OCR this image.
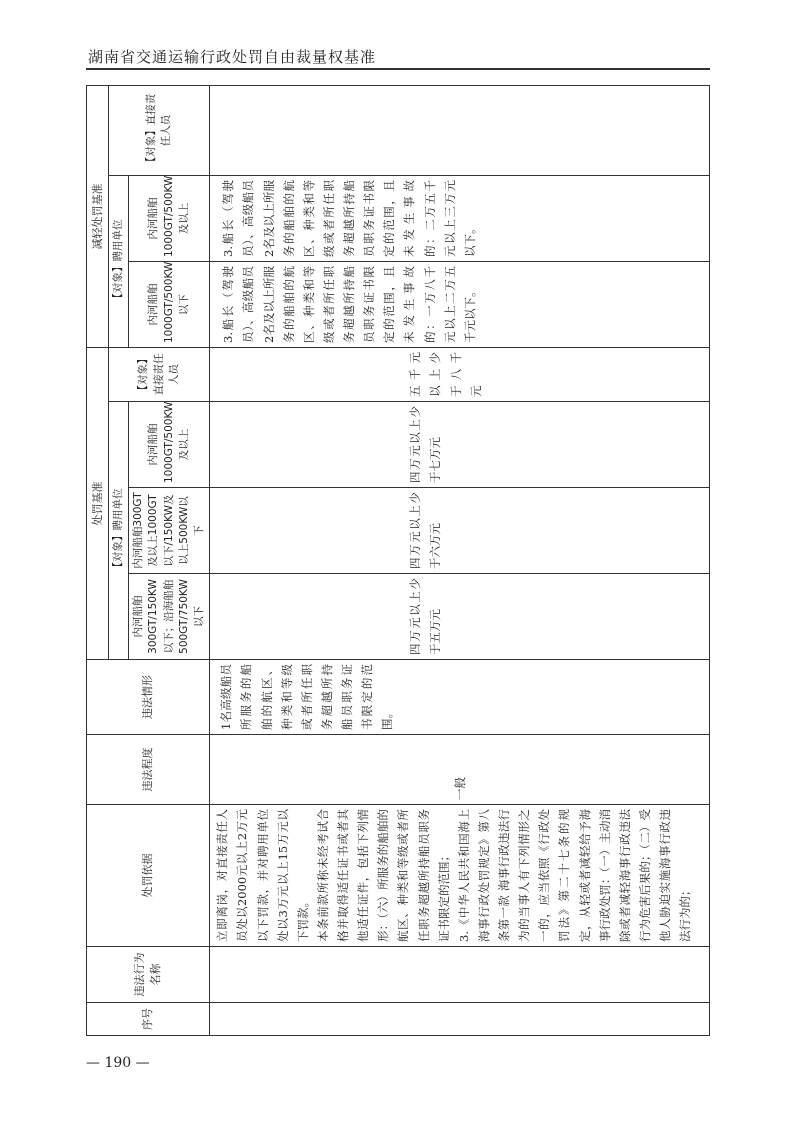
湖南省交通运输行政处罚自由裁量权基准
序号	违法行为名称	处罚依据	违法程度	违法情形	处罚基准				减轻处罚基准		
					【对象】聘用单位			【对象】直接责任人员	【对象】聘用单位		【对象】直接责任人员
					内河船舶300GT/150KW以下；沿海船舶500GT/750KW以下	内河船舶300GT及以上1000GT以下/150KW及以上500KW以下	内河船舶1000GT/500KW及以上		内河船舶1000GT/500KW以下	内河船舶1000GT/500KW及以上	

		立即离岗，对直接责任人员处以2000元以上2万元以下罚款，并对聘用单位处以3万元以上15万元以下罚款。 本条前款所称未经考试合格并取得适任证书或者其他适任证件，包括下列情形：（六）所服务的船舶的航区、种类和等级或者所任职务超越所持船员职务证书限定的范围； 3.《中华人民共和国海上海事行政处罚规定》第八条第一款 海事行政违法行为的当事人有下列情形之一的，应当依照《行政处罚法》第二十七条的规定，从轻或者减轻给予海事行政处罚：（一）主动消除或者减轻海事行政违法行为危害后果的；（二）受他人胁迫实施海事行政违法行为的；	一般	1名高级船员所服务的船舶的航区、种类和等级或者所任职务超越所持船员职务证书限定的范围。	四万元以上少于五万元	四万元以上少于六万元	四万元以上少于七万元	五千元以上少于八千元	3.船长（驾驶员）、高级船员2名及以上所服务的船舶的航区、种类和等级或者所任职务超越所持船员职务证书限定的范围，且未发生事故的：一万八千元以上二万五千元以下。	3.船长（驾驶员）、高级船员2名及以上所服务的船舶的航区、种类和等级或者所任职务超越所持船员职务证书限定的范围，且未发生事故的：二万五千元以上三万元以下。	
— 190 —
